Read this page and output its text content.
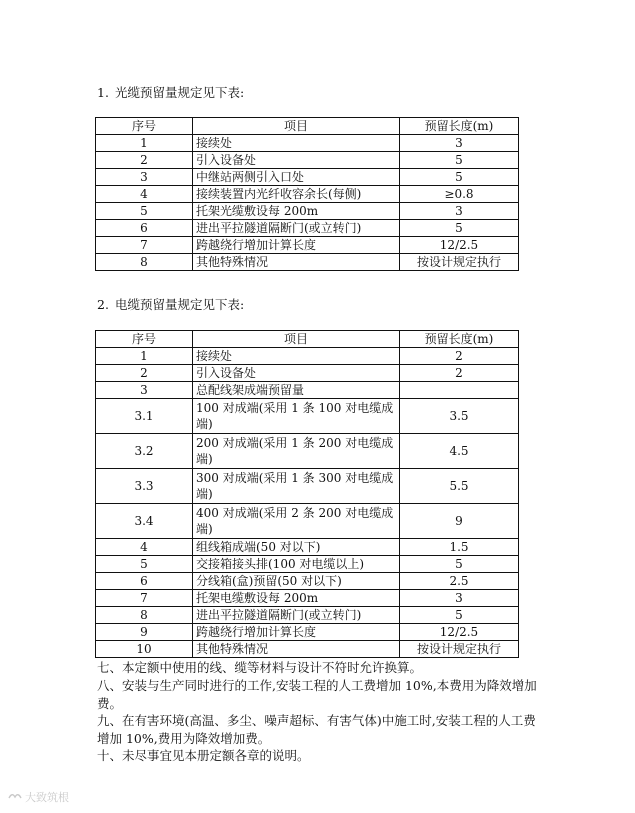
1. 光缆预留量规定见下表:
序号	项目	预留长度(m)
1	接续处	3
2	引入设备处	5
3	中继站两侧引入口处	5
4	接续装置内光纤收容余长(每侧)	≥0.8
5	托架光缆敷设每 200m	3
6	进出平拉隧道隔断门(或立转门)	5
7	跨越绕行增加计算长度	12/2.5
8	其他特殊情况	按设计规定执行
2. 电缆预留量规定见下表:
序号	项目	预留长度(m)
1	接续处	2
2	引入设备处	2
3	总配线架成端预留量	
3.1	100 对成端(采用 1 条 100 对电缆成端)	3.5
3.2	200 对成端(采用 1 条 200 对电缆成端)	4.5
3.3	300 对成端(采用 1 条 300 对电缆成端)	5.5
3.4	400 对成端(采用 2 条 200 对电缆成端)	9
4	组线箱成端(50 对以下)	1.5
5	交接箱接头排(100 对电缆以上)	5
6	分线箱(盒)预留(50 对以下)	2.5
7	托架电缆敷设每 200m	3
8	进出平拉隧道隔断门(或立转门)	5
9	跨越绕行增加计算长度	12/2.5
10	其他特殊情况	按设计规定执行
七、本定额中使用的线、缆等材料与设计不符时允许换算。
八、安装与生产同时进行的工作,安装工程的人工费增加 10%,本费用为降效增加费。
九、在有害环境(高温、多尘、噪声超标、有害气体)中施工时,安装工程的人工费增加 10%,费用为降效增加费。
十、未尽事宜见本册定额各章的说明。
大致筑根
